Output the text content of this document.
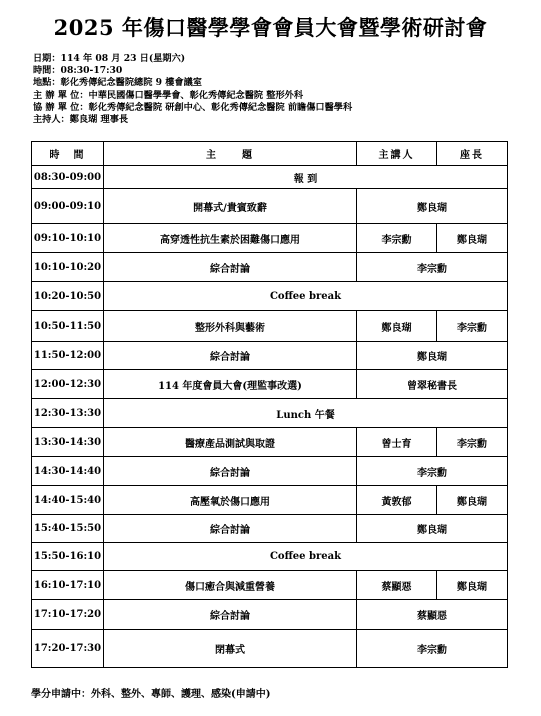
2025 年傷口醫學學會會員大會暨學術研討會
日期：114 年 08 月 23 日(星期六)
時間：08:30-17:30
地點：彰化秀傳紀念醫院總院 9 樓會議室
主 辦 單 位：中華民國傷口醫學學會、彰化秀傳紀念醫院 整形外科
協 辦 單 位：彰化秀傳紀念醫院 研創中心、彰化秀傳紀念醫院 前瞻傷口醫學科
主持人：鄭良瑚 理事長
時　間	主　　題	主講人	座長
08:30-09:00	報 到		
09:00-09:10	開幕式/貴賓致辭	鄭良瑚	
09:10-10:10	高穿透性抗生素於困難傷口應用	李宗勳	鄭良瑚
10:10-10:20	綜合討論	李宗勳	
10:20-10:50	Coffee break		
10:50-11:50	整形外科與藝術	鄭良瑚	李宗勳
11:50-12:00	綜合討論	鄭良瑚	
12:00-12:30	114 年度會員大會(理監事改選)	曾翠秘書長	
12:30-13:30	Lunch 午餐		
13:30-14:30	醫療產品測試與取證	曾士育	李宗勳
14:30-14:40	綜合討論	李宗勳	
14:40-15:40	高壓氧於傷口應用	黃敦郁	鄭良瑚
15:40-15:50	綜合討論	鄭良瑚	
15:50-16:10	Coffee break		
16:10-17:10	傷口癒合與減重營養	蔡顯惡	鄭良瑚
17:10-17:20	綜合討論	蔡顯惡	
17:20-17:30	閉幕式	李宗勳	
學分申請中：外科、整外、專師、護理、感染(申請中)
